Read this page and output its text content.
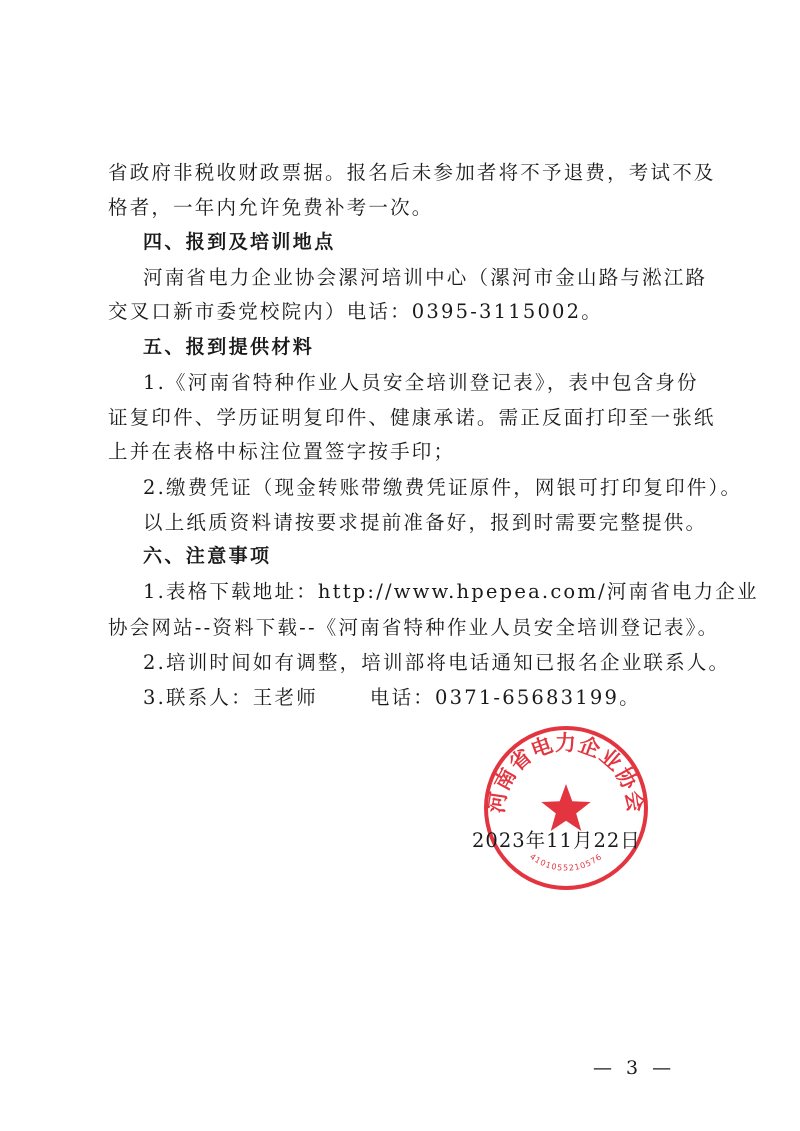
省政府非税收财政票据。报名后未参加者将不予退费，考试不及
格者，一年内允许免费补考一次。
四、报到及培训地点
河南省电力企业协会漯河培训中心（漯河市金山路与淞江路
交叉口新市委党校院内）电话：0395-3115002。
五、报到提供材料
1.《河南省特种作业人员安全培训登记表》，表中包含身份
证复印件、学历证明复印件、健康承诺。需正反面打印至一张纸
上并在表格中标注位置签字按手印；
2.缴费凭证（现金转账带缴费凭证原件，网银可打印复印件）。
以上纸质资料请按要求提前准备好，报到时需要完整提供。
六、注意事项
1.表格下载地址：http://www.hpepea.com/河南省电力企业
协会网站--资料下载--《河南省特种作业人员安全培训登记表》。
2.培训时间如有调整，培训部将电话通知已报名企业联系人。
3.联系人：王老师	电话：0371-65683199。
河南省电力企业协会
4101055210576
2023年11月22日
— 3 —
